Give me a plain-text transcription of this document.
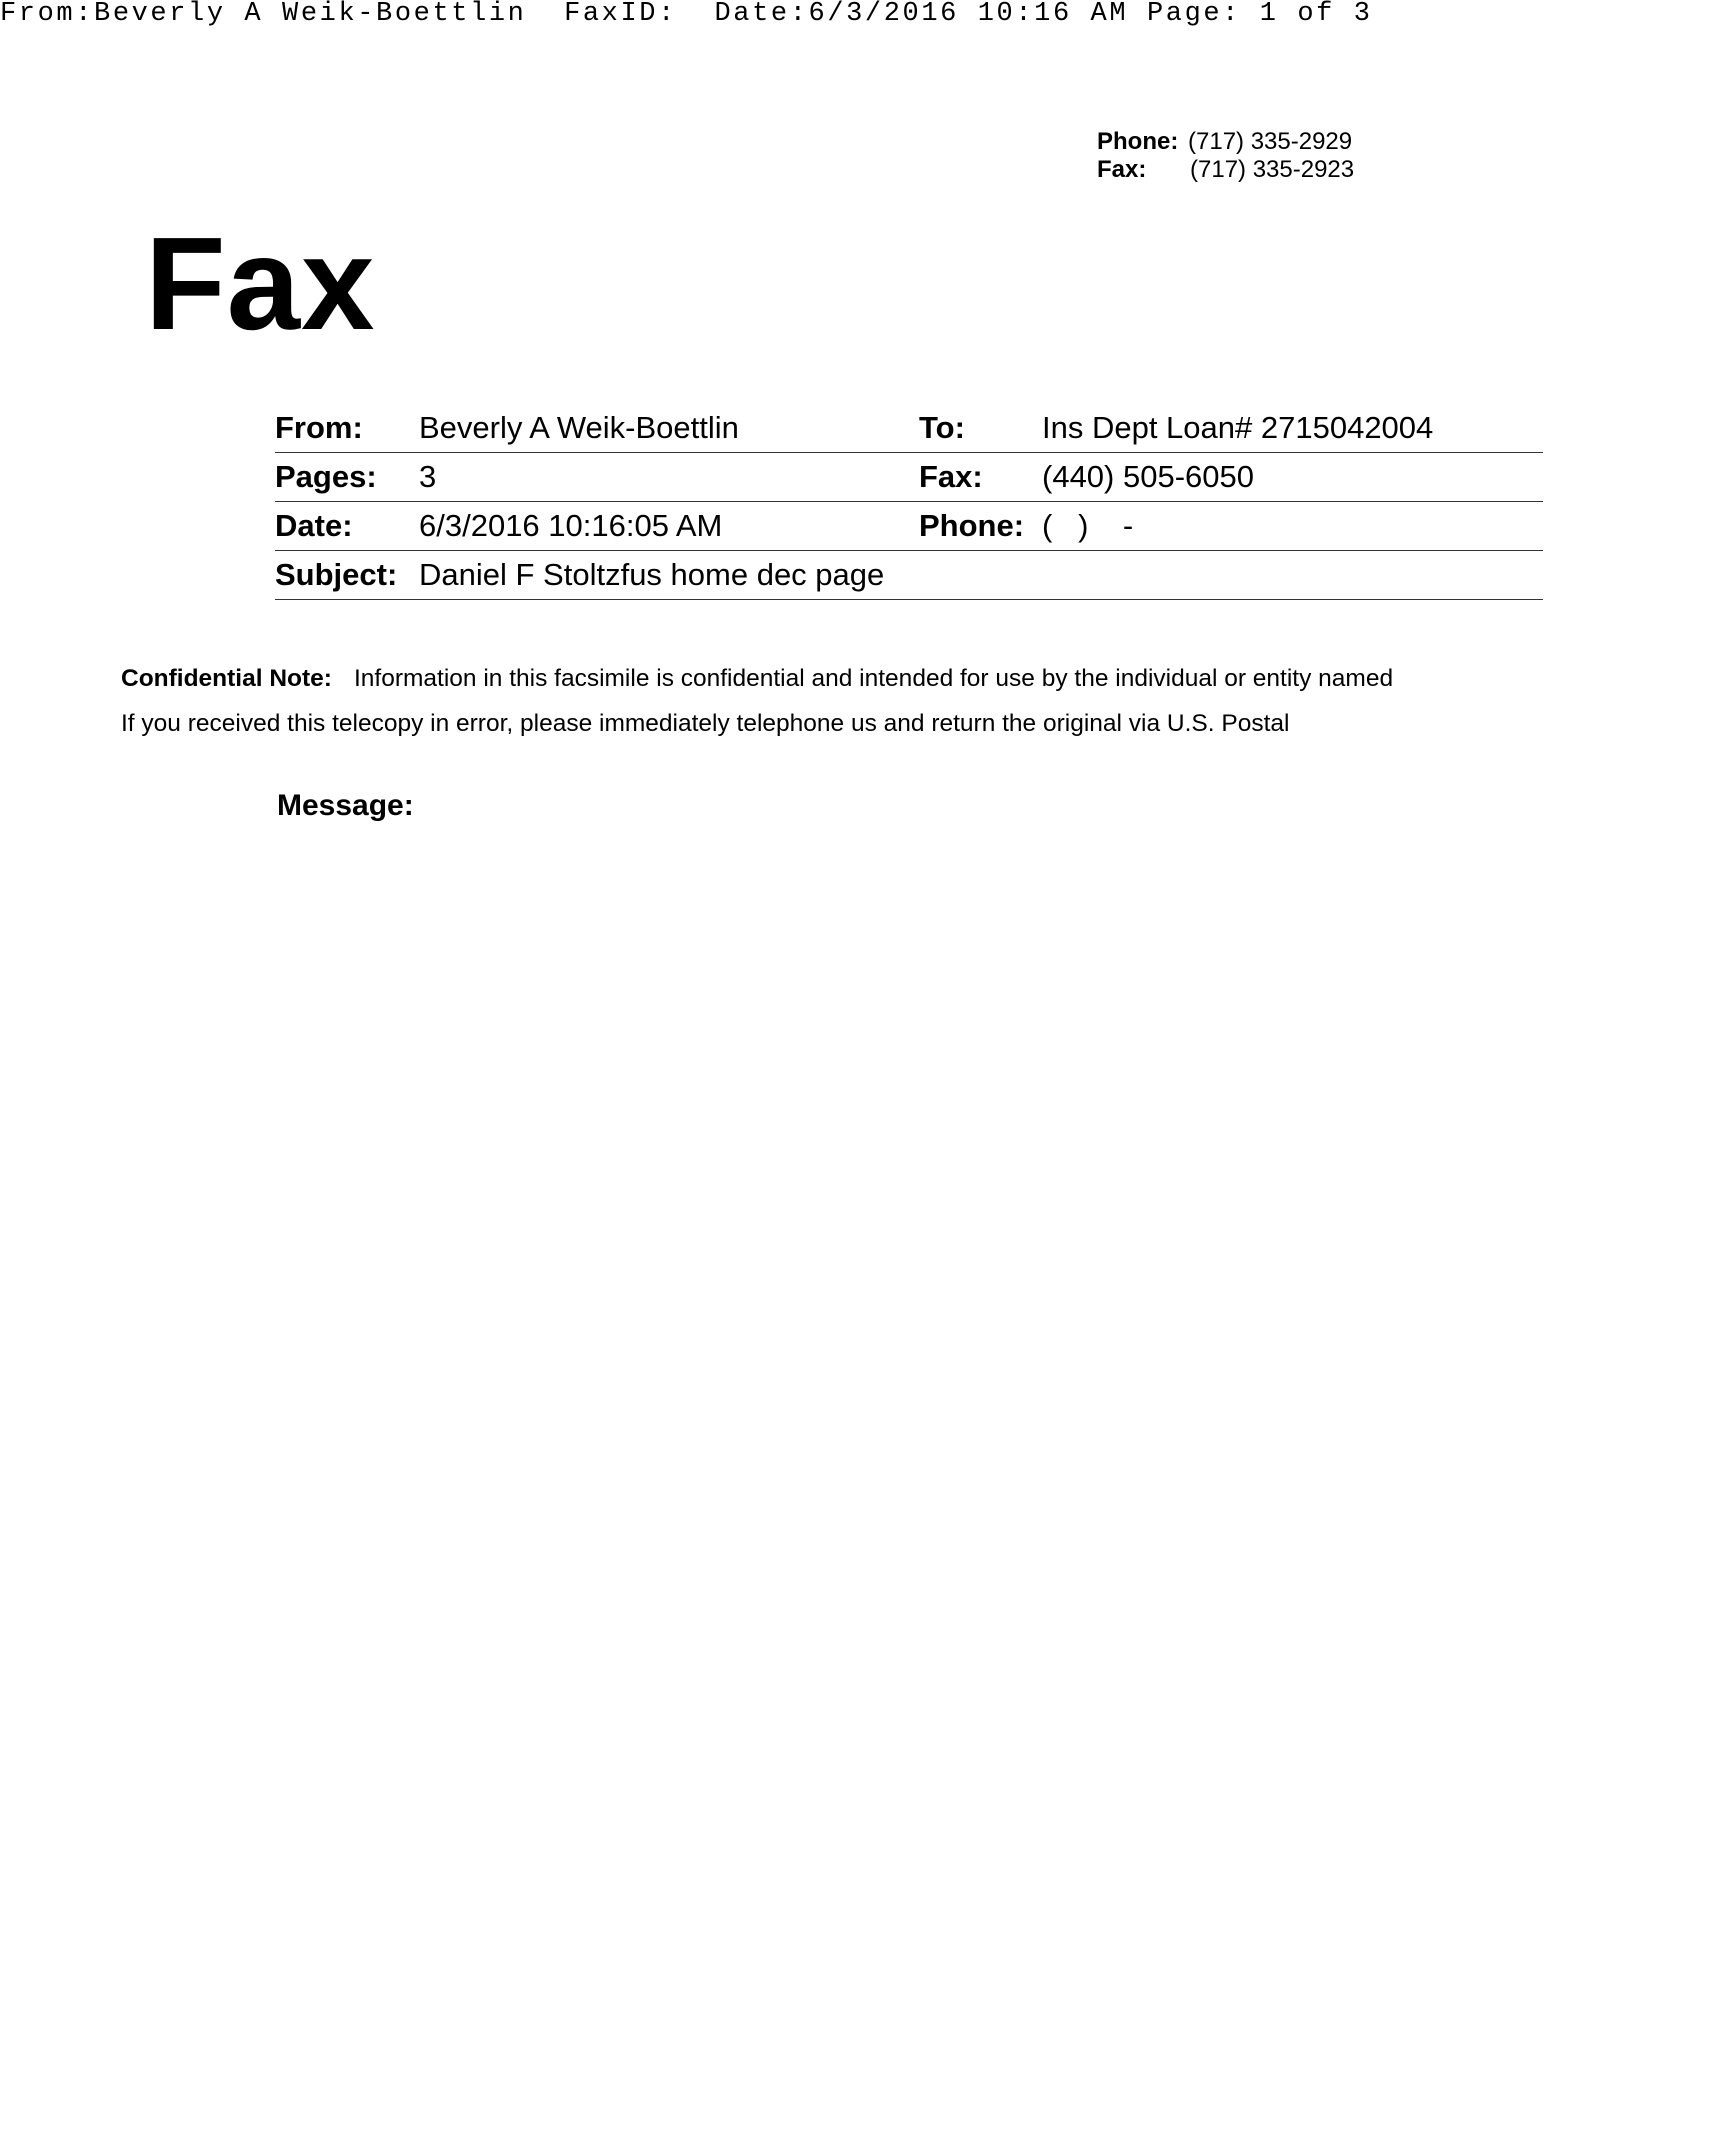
From:Beverly A Weik-Boettlin  FaxID:  Date:6/3/2016 10:16 AM Page: 1 of 3
Phone: (717) 335-2929
Fax:	(717) 335-2923
Fax
From: Beverly A Weik-Boettlin	To: Ins Dept Loan# 2715042004
Pages: 3	Fax: (440) 505-6050
Date: 6/3/2016 10:16:05 AM	Phone: (   )    -
Subject: Daniel F Stoltzfus home dec page
Confidential Note: Information in this facsimile is confidential and intended for use by the individual or entity named
If you received this telecopy in error, please immediately telephone us and return the original via U.S. Postal
Message:
